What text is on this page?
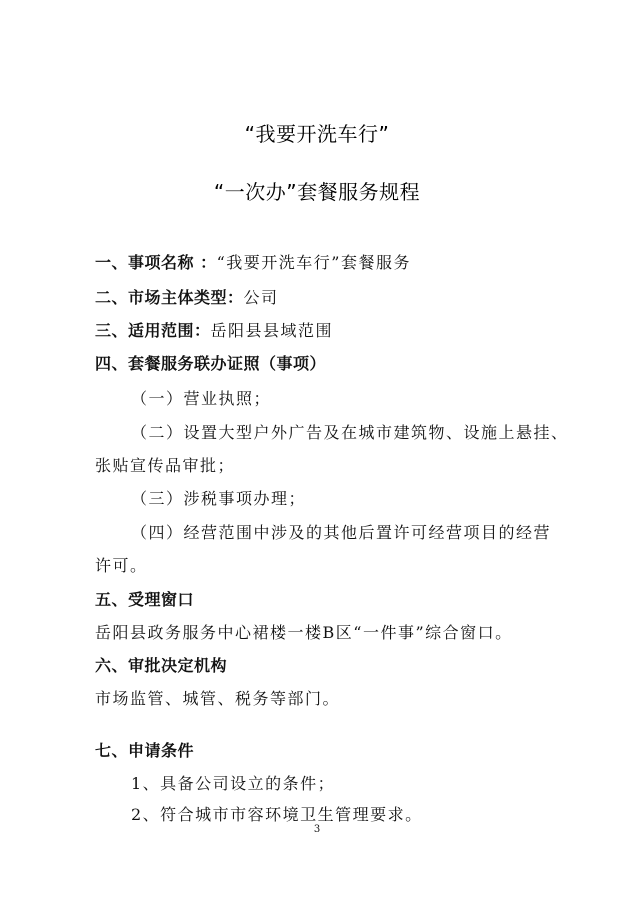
“我要开洗车行”
“一次办”套餐服务规程
一、事项名称 ：“我要开洗车行”套餐服务
二、市场主体类型：公司
三、适用范围：岳阳县县域范围
四、套餐服务联办证照（事项）
（一）营业执照；
（二）设置大型户外广告及在城市建筑物、设施上悬挂、
张贴宣传品审批；
（三）涉税事项办理；
（四）经营范围中涉及的其他后置许可经营项目的经营
许可。
五、受理窗口
岳阳县政务服务中心裙楼一楼B区“一件事”综合窗口。
六、审批决定机构
市场监管、城管、税务等部门。
七、申请条件
1、具备公司设立的条件；
2、符合城市市容环境卫生管理要求。
3
